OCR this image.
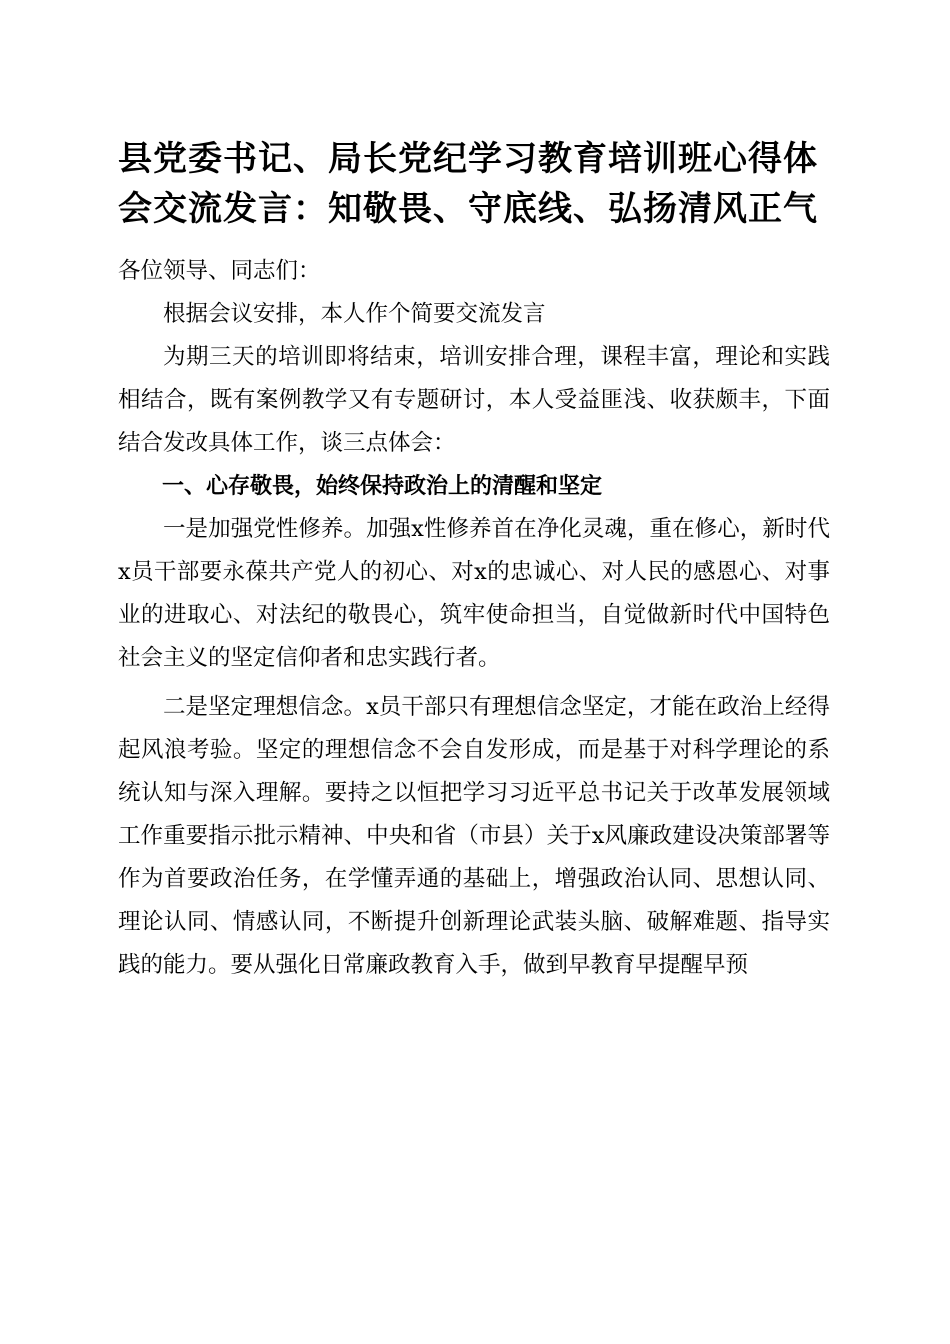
县党委书记、局长党纪学习教育培训班心得体
会交流发言：知敬畏、守底线、弘扬清风正气

各位领导、同志们：

根据会议安排，本人作个简要交流发言

为期三天的培训即将结束，培训安排合理，课程丰富，理论和实践相结合，既有案例教学又有专题研讨，本人受益匪浅、收获颇丰，下面结合发改具体工作，谈三点体会：

一、心存敬畏，始终保持政治上的清醒和坚定

一是加强党性修养。加强x性修养首在净化灵魂，重在修心，新时代x员干部要永葆共产党人的初心、对x的忠诚心、对人民的感恩心、对事业的进取心、对法纪的敬畏心，筑牢使命担当，自觉做新时代中国特色社会主义的坚定信仰者和忠实践行者。

二是坚定理想信念。x员干部只有理想信念坚定，才能在政治上经得起风浪考验。坚定的理想信念不会自发形成，而是基于对科学理论的系统认知与深入理解。要持之以恒把学习习近平总书记关于改革发展领域工作重要指示批示精神、中央和省（市县）关于x风廉政建设决策部署等作为首要政治任务，在学懂弄通的基础上，增强政治认同、思想认同、理论认同、情感认同，不断提升创新理论武装头脑、破解难题、指导实践的能力。要从强化日常廉政教育入手，做到早教育早提醒早预
